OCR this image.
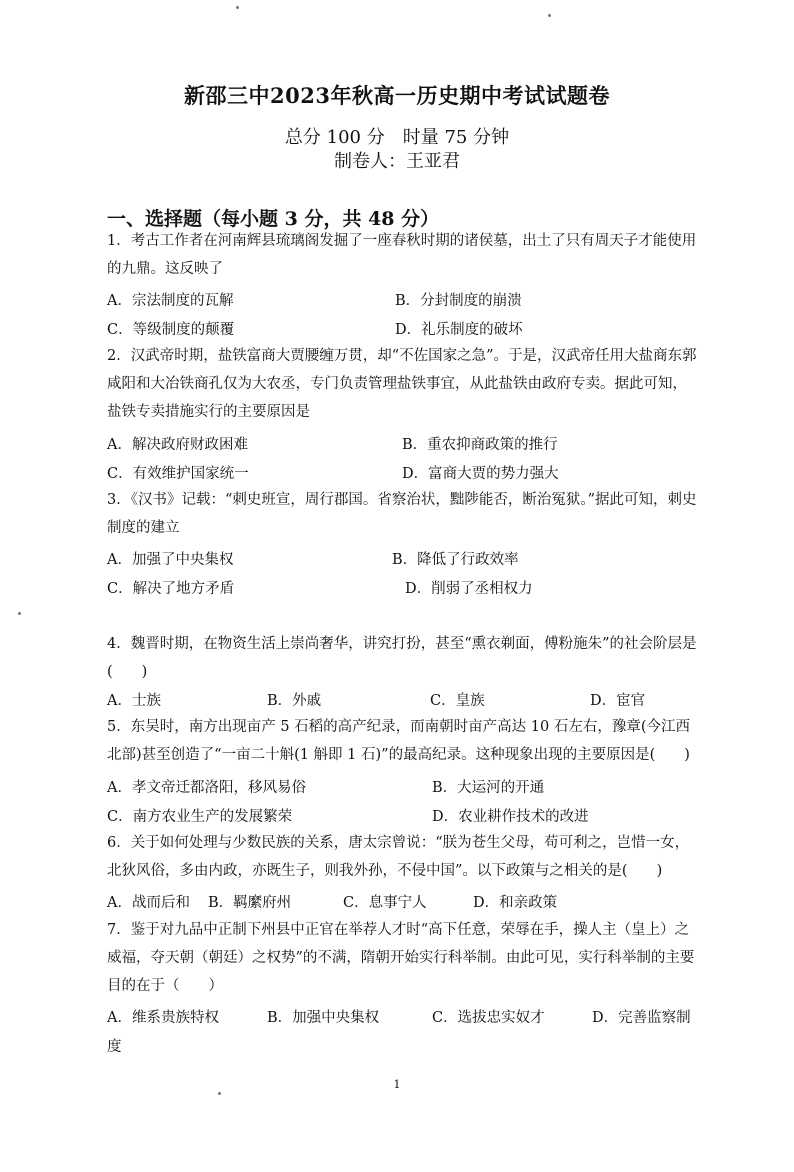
新邵三中2023年秋高一历史期中考试试题卷
总分 100 分　时量 75 分钟
制卷人：王亚君
一、选择题（每小题 3 分，共 48 分）
1．考古工作者在河南辉县琉璃阁发掘了一座春秋时期的诸侯墓，出土了只有周天子才能使用的九鼎。这反映了
A．宗法制度的瓦解	B．分封制度的崩溃
C．等级制度的颠覆	D．礼乐制度的破坏
2．汉武帝时期，盐铁富商大贾腰缠万贯，却“不佐国家之急”。于是，汉武帝任用大盐商东郭咸阳和大冶铁商孔仅为大农丞，专门负责管理盐铁事宜，从此盐铁由政府专卖。据此可知，盐铁专卖措施实行的主要原因是
A．解决政府财政困难	B．重农抑商政策的推行
C．有效维护国家统一	D．富商大贾的势力强大
3．《汉书》记载：“刺史班宣，周行郡国。省察治状，黜陟能否，断治冤狱。”据此可知，刺史制度的建立
A．加强了中央集权	B．降低了行政效率
C．解决了地方矛盾	D．削弱了丞相权力
4．魏晋时期，在物资生活上崇尚奢华，讲究打扮，甚至“熏衣剃面，傅粉施朱”的社会阶层是(　　)
A．士族	B．外戚	C．皇族	D．宦官
5．东吴时，南方出现亩产 5 石稻的高产纪录，而南朝时亩产高达 10 石左右，豫章(今江西北部)甚至创造了“一亩二十斛(1 斛即 1 石)”的最高纪录。这种现象出现的主要原因是(　　)
A．孝文帝迁都洛阳，移风易俗	B．大运河的开通
C．南方农业生产的发展繁荣	D．农业耕作技术的改进
6．关于如何处理与少数民族的关系，唐太宗曾说：“朕为苍生父母，苟可利之，岂惜一女，北狄风俗，多由内政，亦既生子，则我外孙，不侵中国”。以下政策与之相关的是(　　)
A．战而后和 B．羁縻府州	C．息事宁人	D．和亲政策
7．鉴于对九品中正制下州县中正官在举荐人才时“高下任意，荣辱在手，操人主（皇上）之威福，夺天朝（朝廷）之权势”的不满，隋朝开始实行科举制。由此可见，实行科举制的主要目的在于（　　）
A．维系贵族特权	B．加强中央集权	C．选拔忠实奴才	D．完善监察制
度
1
